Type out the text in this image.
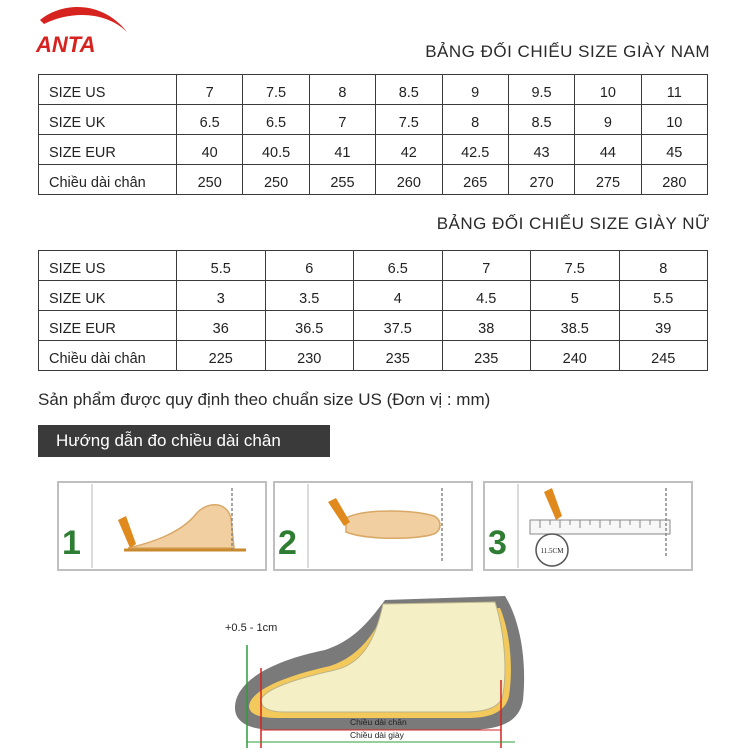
ANTA	BẢNG ĐỐI CHIẾU SIZE GIÀY NAM
SIZE US	7	7.5	8	8.5	9	9.5	10	11
SIZE UK	6.5	6.5	7	7.5	8	8.5	9	10
SIZE EUR	40	40.5	41	42	42.5	43	44	45
Chiều dài chân	250	250	255	260	265	270	275	280
BẢNG ĐỐI CHIẾU SIZE GIÀY NỮ
SIZE US	5.5	6	6.5	7	7.5	8
SIZE UK	3	3.5	4	4.5	5	5.5
SIZE EUR	36	36.5	37.5	38	38.5	39
Chiều dài chân	225	230	235	235	240	245
Sản phẩm được quy định theo chuẩn size US (Đơn vị : mm)
Hướng dẫn đo chiều dài chân
1	2	3	11.5CM
+0.5 - 1cm
Chiều dài chân
Chiều dài giày
